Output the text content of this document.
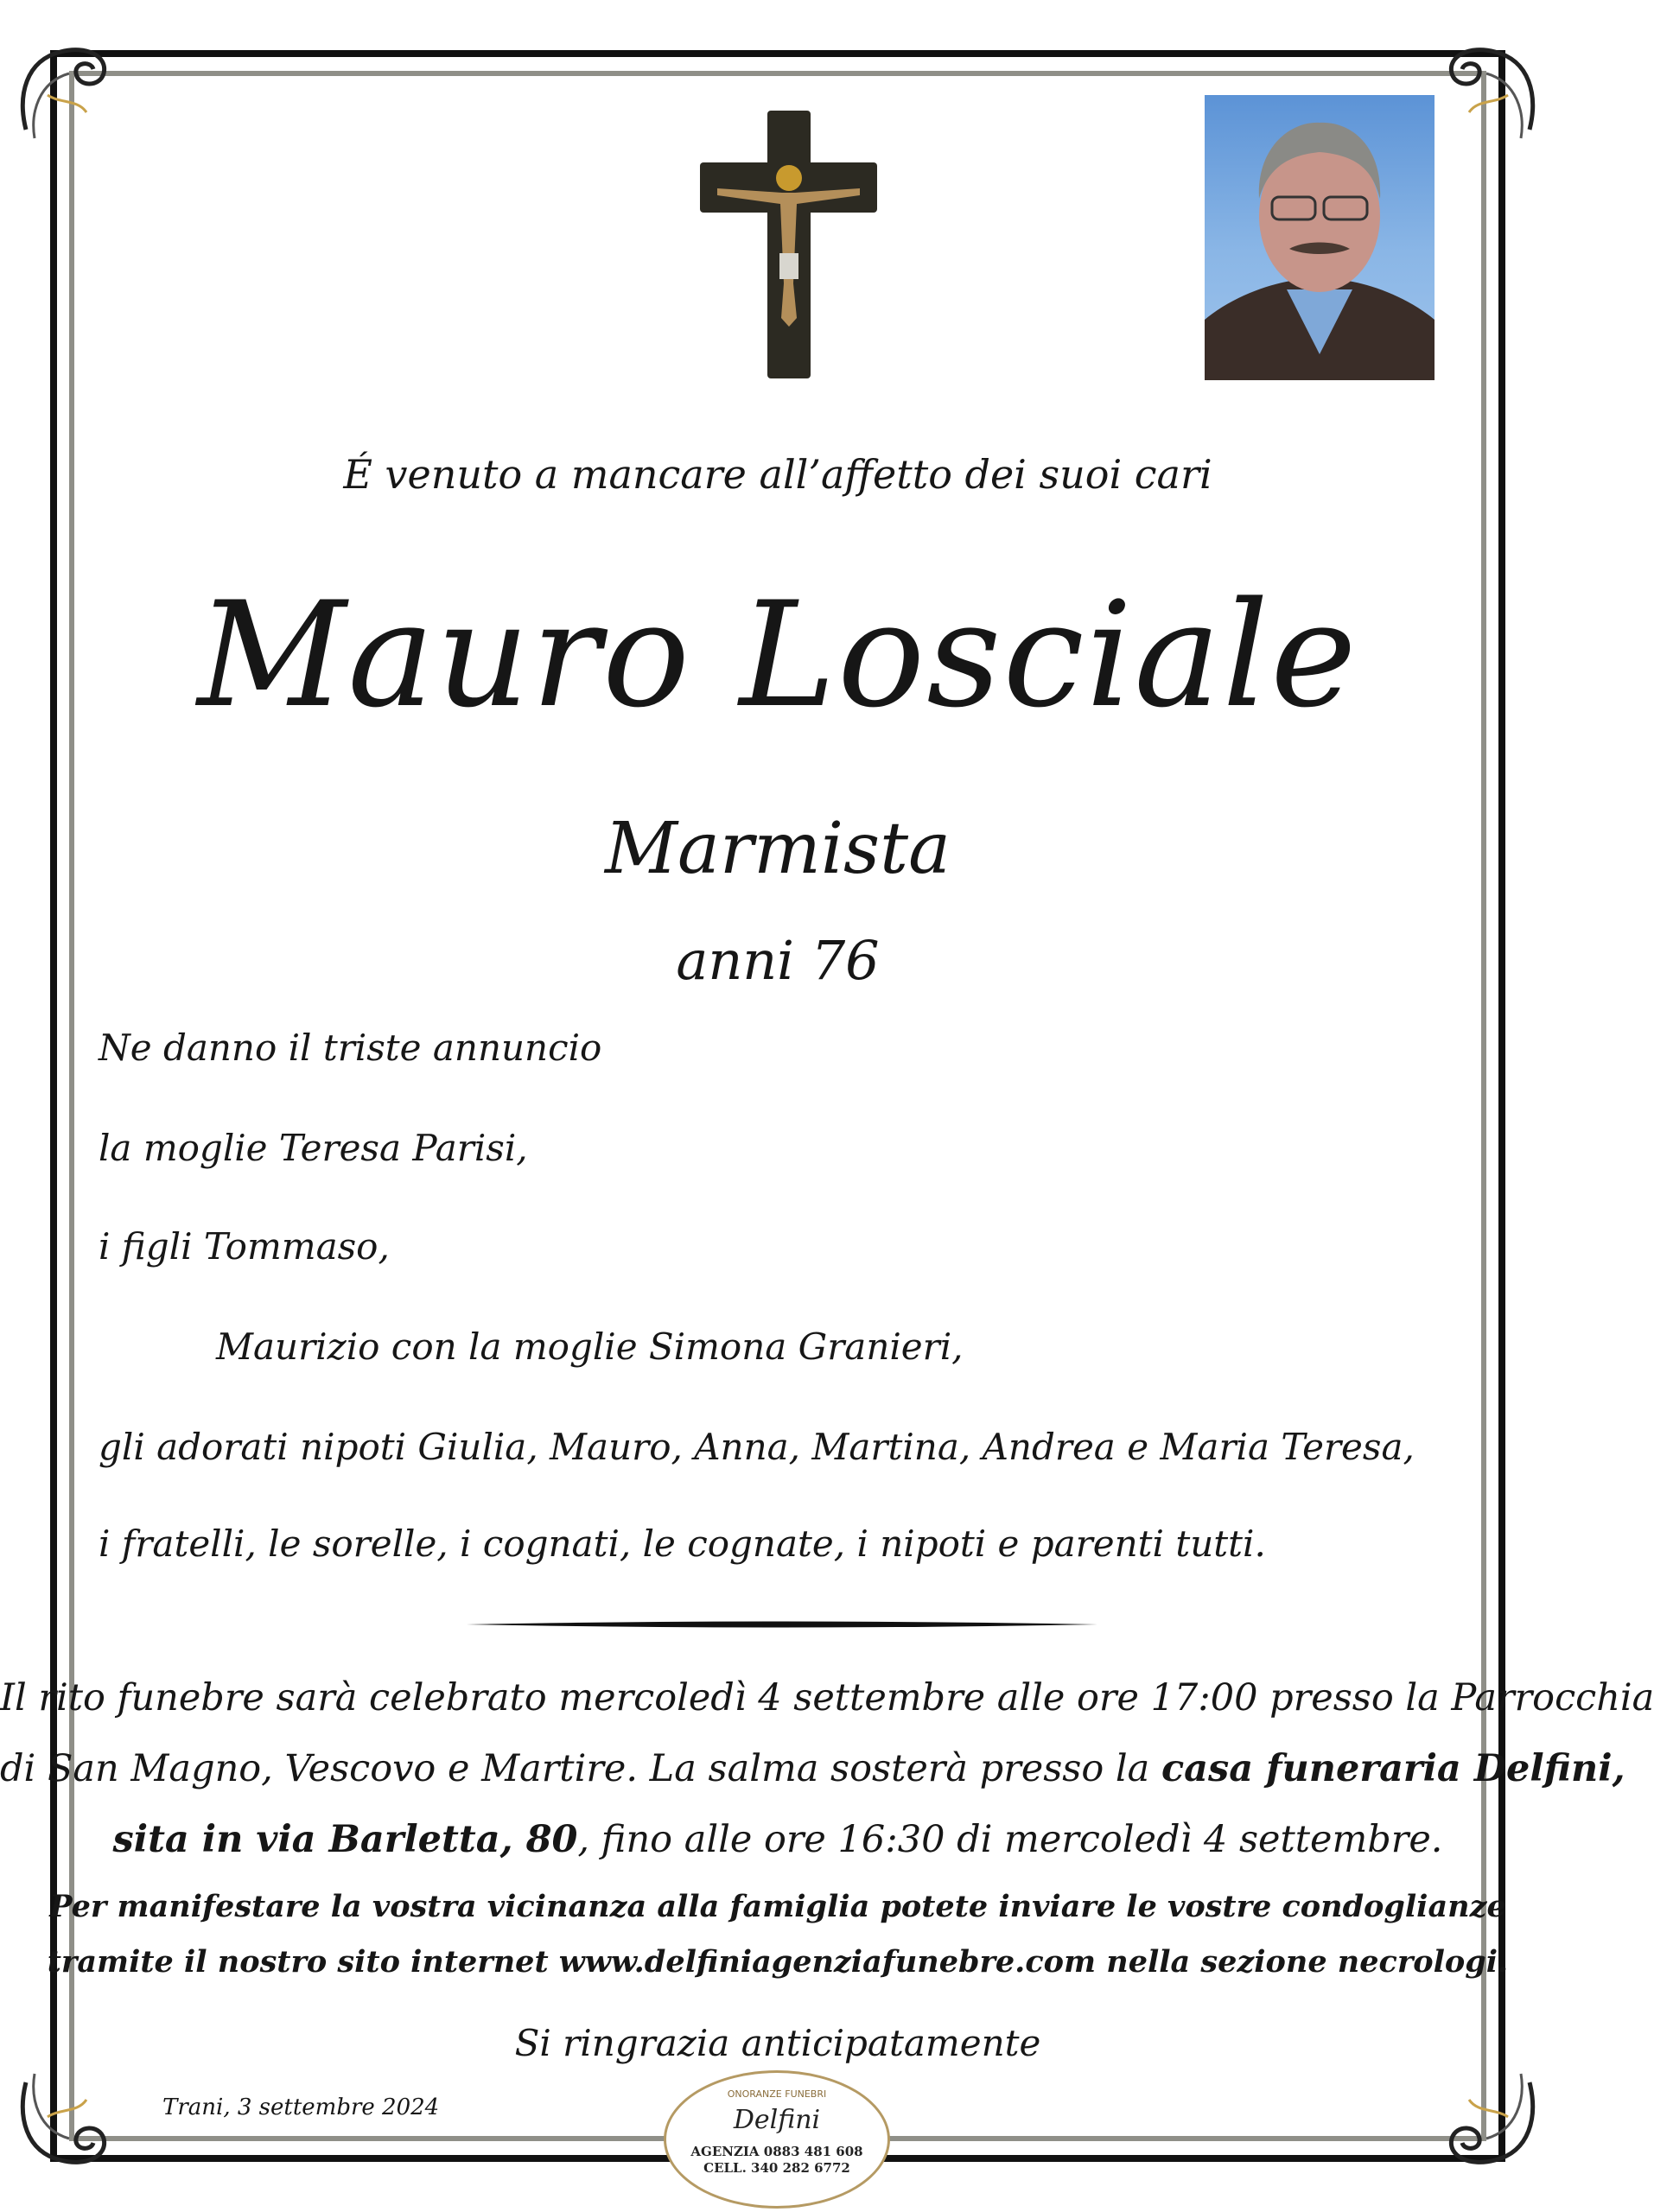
É venuto a mancare all’affetto dei suoi cari
Mauro Losciale
Marmista
anni 76
Ne danno il triste annuncio
la moglie Teresa Parisi,
i figli Tommaso,
Maurizio con la moglie Simona Granieri,
gli adorati nipoti Giulia, Mauro, Anna, Martina, Andrea e Maria Teresa,
i fratelli, le sorelle, i cognati, le cognate, i nipoti e parenti tutti.
Il rito funebre sarà celebrato mercoledì 4 settembre alle ore 17:00 presso la Parrocchia
di San Magno, Vescovo e Martire. La salma sosterà presso la casa funeraria Delfini,
sita in via Barletta, 80, fino alle ore 16:30 di mercoledì 4 settembre.
Per manifestare la vostra vicinanza alla famiglia potete inviare le vostre condoglianze
tramite il nostro sito internet www.delfiniagenziafunebre.com nella sezione necrologi.
Si ringrazia anticipatamente
Trani, 3 settembre 2024
ONORANZE FUNEBRI
Delfini
AGENZIA 0883 481 608
CELL. 340 282 6772
